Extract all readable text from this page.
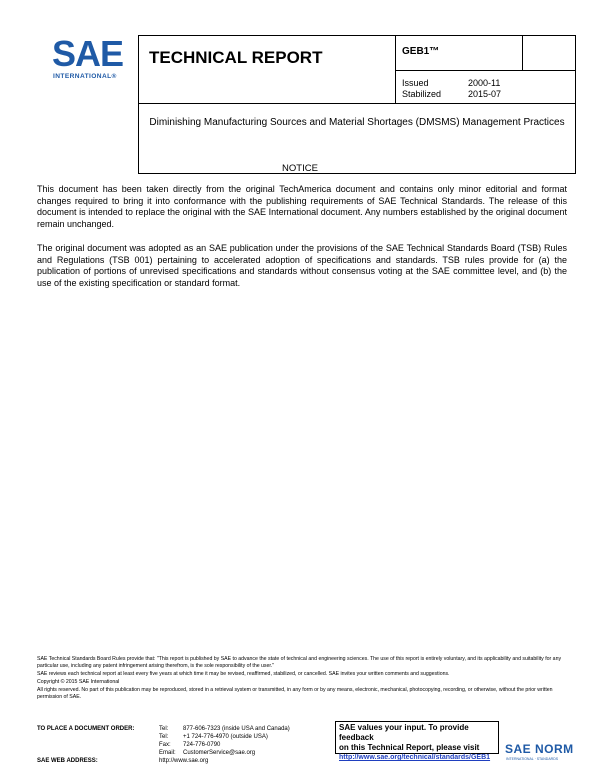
SAE
INTERNATIONAL®
TECHNICAL REPORT	GEB1™
Issued	2000-11
Stabilized	2015-07
Diminishing Manufacturing Sources and Material Shortages (DMSMS) Management Practices
NOTICE

This document has been taken directly from the original TechAmerica document and contains only minor editorial and format changes required to bring it into conformance with the publishing requirements of SAE Technical Standards. The release of this document is intended to replace the original with the SAE International document. Any numbers established by the original document remain unchanged.

The original document was adopted as an SAE publication under the provisions of the SAE Technical Standards Board (TSB) Rules and Regulations (TSB 001) pertaining to accelerated adoption of specifications and standards. TSB rules provide for (a) the publication of portions of unrevised specifications and standards without consensus voting at the SAE committee level, and (b) the use of the existing specification or standard format.

SAE Technical Standards Board Rules provide that: "This report is published by SAE to advance the state of technical and engineering sciences. The use of this report is entirely voluntary, and its applicability and suitability for any particular use, including any patent infringement arising therefrom, is the sole responsibility of the user."

SAE reviews each technical report at least every five years at which time it may be revised, reaffirmed, stabilized, or cancelled. SAE invites your written comments and suggestions.

Copyright © 2015 SAE International

All rights reserved. No part of this publication may be reproduced, stored in a retrieval system or transmitted, in any form or by any means, electronic, mechanical, photocopying, recording, or otherwise, without the prior written permission of SAE.

TO PLACE A DOCUMENT ORDER:	Tel: 877-606-7323 (inside USA and Canada)
Tel: +1 724-776-4970 (outside USA)
Fax: 724-776-0790
Email: CustomerService@sae.org
SAE WEB ADDRESS:	http://www.sae.org
SAE values your input. To provide feedback
on this Technical Report, please visit
http://www.sae.org/technical/standards/GEB1
SAE NORM
INTERNATIONAL · STANDARDS
